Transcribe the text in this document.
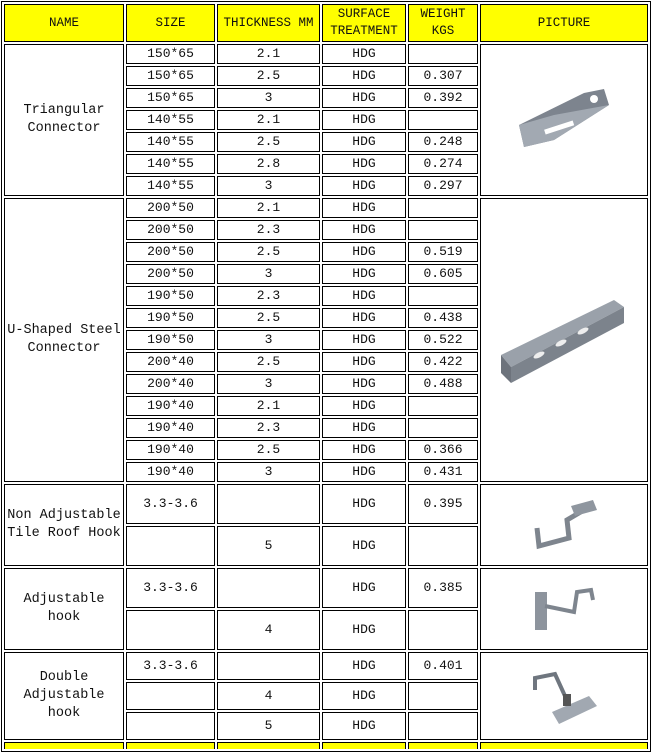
NAME	SIZE	THICKNESS MM	SURFACE TREATMENT	WEIGHT KGS	PICTURE
Triangular Connector	150*65	2.1	HDG		

	150*65	2.5	HDG	0.307	
	150*65	3	HDG	0.392	
	140*55	2.1	HDG		
	140*55	2.5	HDG	0.248	
	140*55	2.8	HDG	0.274	
	140*55	3	HDG	0.297	
U-Shaped Steel Connector	200*50	2.1	HDG		

	200*50	2.3	HDG		
	200*50	2.5	HDG	0.519	
	200*50	3	HDG	0.605	
	190*50	2.3	HDG		
	190*50	2.5	HDG	0.438	
	190*50	3	HDG	0.522	
	200*40	2.5	HDG	0.422	
	200*40	3	HDG	0.488	
	190*40	2.1	HDG		
	190*40	2.3	HDG		
	190*40	2.5	HDG	0.366	
	190*40	3	HDG	0.431	
Non Adjustable Tile Roof Hook	3.3-3.6		HDG	0.395	

		5	HDG		
Adjustable hook	3.3-3.6		HDG	0.385	

		4	HDG		
Double Adjustable hook	3.3-3.6		HDG	0.401	

		4	HDG		
		5	HDG		
